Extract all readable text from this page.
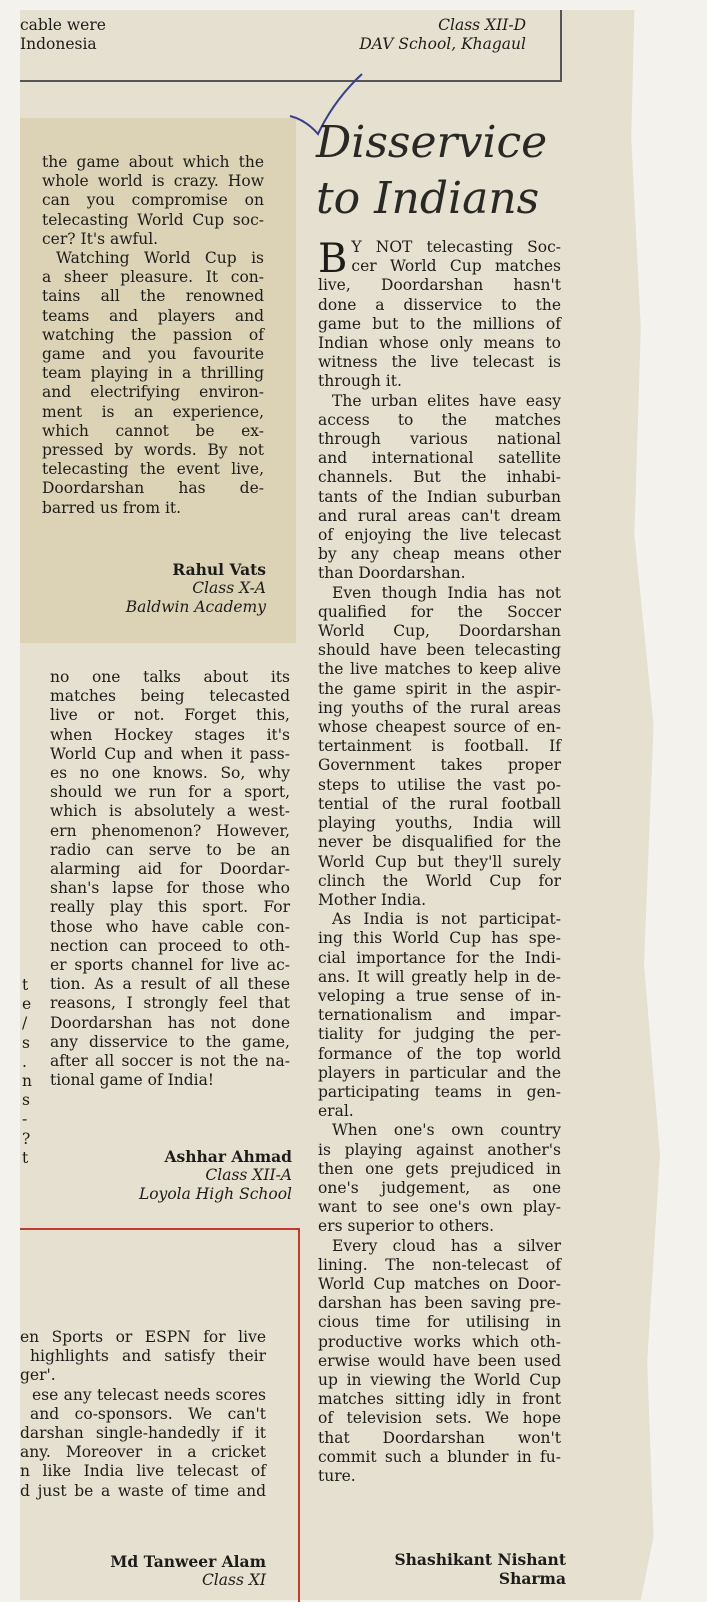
cable were
Indonesia
Class XII-D
DAV School, Khagaul
the game about which the
whole world is crazy. How
can you compromise on
telecasting World Cup soc-
cer? It's awful.
Watching World Cup is
a sheer pleasure. It con-
tains all the renowned
teams and players and
watching the passion of
game and you favourite
team playing in a thrilling
and electrifying environ-
ment is an experience,
which cannot be ex-
pressed by words. By not
telecasting the event live,
Doordarshan has de-
barred us from it.
Rahul Vats
Class X-A
Baldwin Academy
no one talks about its
matches being telecasted
live or not. Forget this,
when Hockey stages it's
World Cup and when it pass-
es no one knows. So, why
should we run for a sport,
which is absolutely a west-
ern phenomenon? However,
radio can serve to be an
alarming aid for Doordar-
shan's lapse for those who
really play this sport. For
those who have cable con-
nection can proceed to oth-
er sports channel for live ac-
tion. As a result of all these
reasons, I strongly feel that
Doordarshan has not done
any disservice to the game,
after all soccer is not the na-
tional game of India!
t
e
/
s
.
n
s
-
?
t	Ashhar Ahmad
Class XII-A
Loyola High School
en Sports or ESPN for live
highlights and satisfy their
ger'.
ese any telecast needs scores
and co-sponsors. We can't
darshan single-handedly if it
any. Moreover in a cricket
n like India live telecast of
d just be a waste of time and
Md Tanweer Alam
Class XI
Disservice
to Indians
B Y NOT telecasting Soc-
cer World Cup matches
live, Doordarshan hasn't
done a disservice to the
game but to the millions of
Indian whose only means to
witness the live telecast is
through it.
The urban elites have easy
access to the matches
through various national
and international satellite
channels. But the inhabi-
tants of the Indian suburban
and rural areas can't dream
of enjoying the live telecast
by any cheap means other
than Doordarshan.
Even though India has not
qualified for the Soccer
World Cup, Doordarshan
should have been telecasting
the live matches to keep alive
the game spirit in the aspir-
ing youths of the rural areas
whose cheapest source of en-
tertainment is football. If
Government takes proper
steps to utilise the vast po-
tential of the rural football
playing youths, India will
never be disqualified for the
World Cup but they'll surely
clinch the World Cup for
Mother India.
As India is not participat-
ing this World Cup has spe-
cial importance for the Indi-
ans. It will greatly help in de-
veloping a true sense of in-
ternationalism and impar-
tiality for judging the per-
formance of the top world
players in particular and the
participating teams in gen-
eral.
When one's own country
is playing against another's
then one gets prejudiced in
one's judgement, as one
want to see one's own play-
ers superior to others.
Every cloud has a silver
lining. The non-telecast of
World Cup matches on Door-
darshan has been saving pre-
cious time for utilising in
productive works which oth-
erwise would have been used
up in viewing the World Cup
matches sitting idly in front
of television sets. We hope
that Doordarshan won't
commit such a blunder in fu-
ture.
Shashikant Nishant
Sharma
